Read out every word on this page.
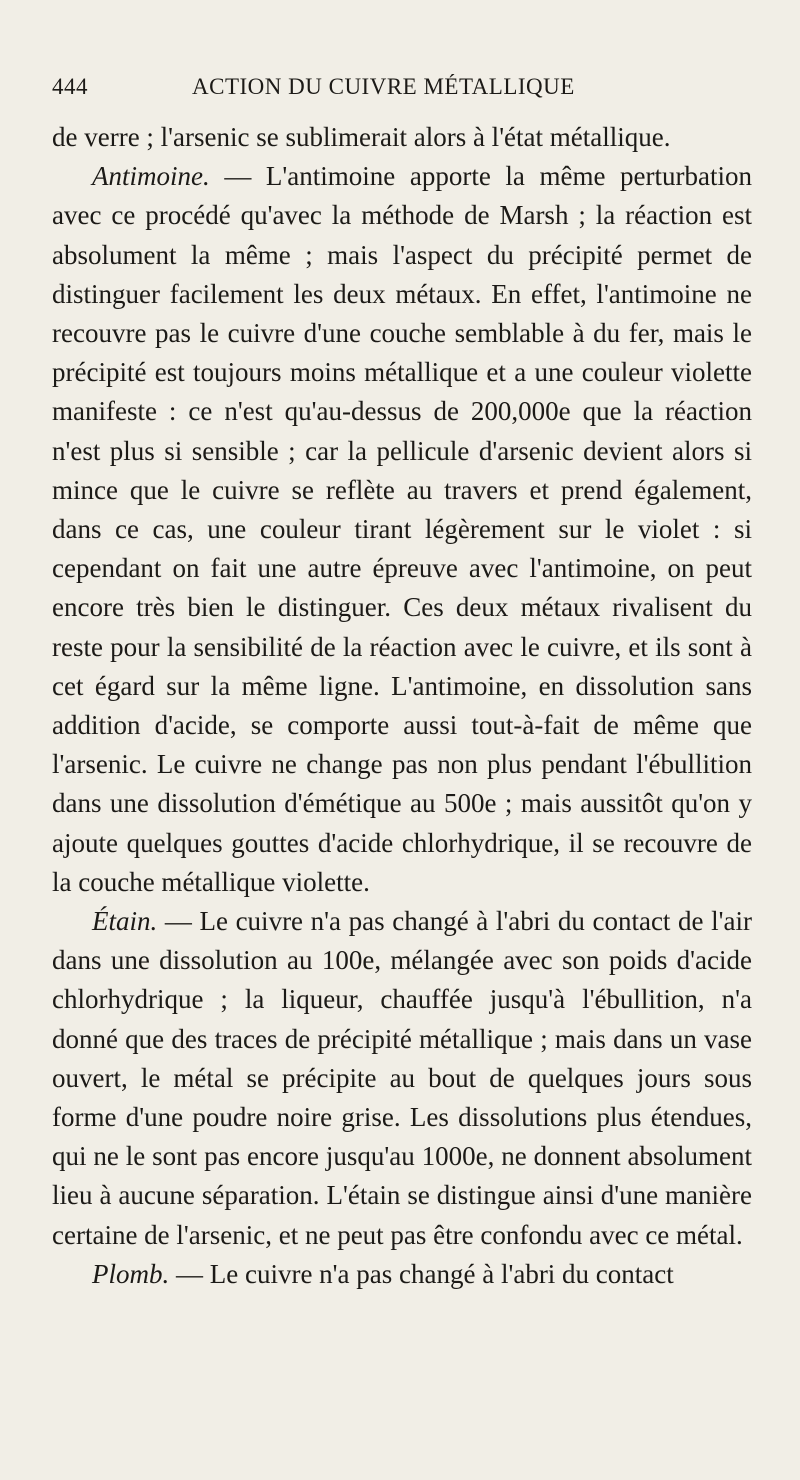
444	ACTION DU CUIVRE MÉTALLIQUE

de verre ; l'arsenic se sublimerait alors à l'état métallique.

Antimoine. — L'antimoine apporte la même perturbation avec ce procédé qu'avec la méthode de Marsh ; la réaction est absolument la même ; mais l'aspect du précipité permet de distinguer facilement les deux métaux. En effet, l'antimoine ne recouvre pas le cuivre d'une couche semblable à du fer, mais le précipité est toujours moins métallique et a une couleur violette manifeste : ce n'est qu'au-dessus de 200,000e que la réaction n'est plus si sensible ; car la pellicule d'arsenic devient alors si mince que le cuivre se reflète au travers et prend également, dans ce cas, une couleur tirant légèrement sur le violet : si cependant on fait une autre épreuve avec l'antimoine, on peut encore très bien le distinguer. Ces deux métaux rivalisent du reste pour la sensibilité de la réaction avec le cuivre, et ils sont à cet égard sur la même ligne. L'antimoine, en dissolution sans addition d'acide, se comporte aussi tout-à-fait de même que l'arsenic. Le cuivre ne change pas non plus pendant l'ébullition dans une dissolution d'émétique au 500e ; mais aussitôt qu'on y ajoute quelques gouttes d'acide chlorhydrique, il se recouvre de la couche métallique violette.

Étain. — Le cuivre n'a pas changé à l'abri du contact de l'air dans une dissolution au 100e, mélangée avec son poids d'acide chlorhydrique ; la liqueur, chauffée jusqu'à l'ébullition, n'a donné que des traces de précipité métallique ; mais dans un vase ouvert, le métal se précipite au bout de quelques jours sous forme d'une poudre noire grise. Les dissolutions plus étendues, qui ne le sont pas encore jusqu'au 1000e, ne donnent absolument lieu à aucune séparation. L'étain se distingue ainsi d'une manière certaine de l'arsenic, et ne peut pas être confondu avec ce métal.

Plomb. — Le cuivre n'a pas changé à l'abri du contact
